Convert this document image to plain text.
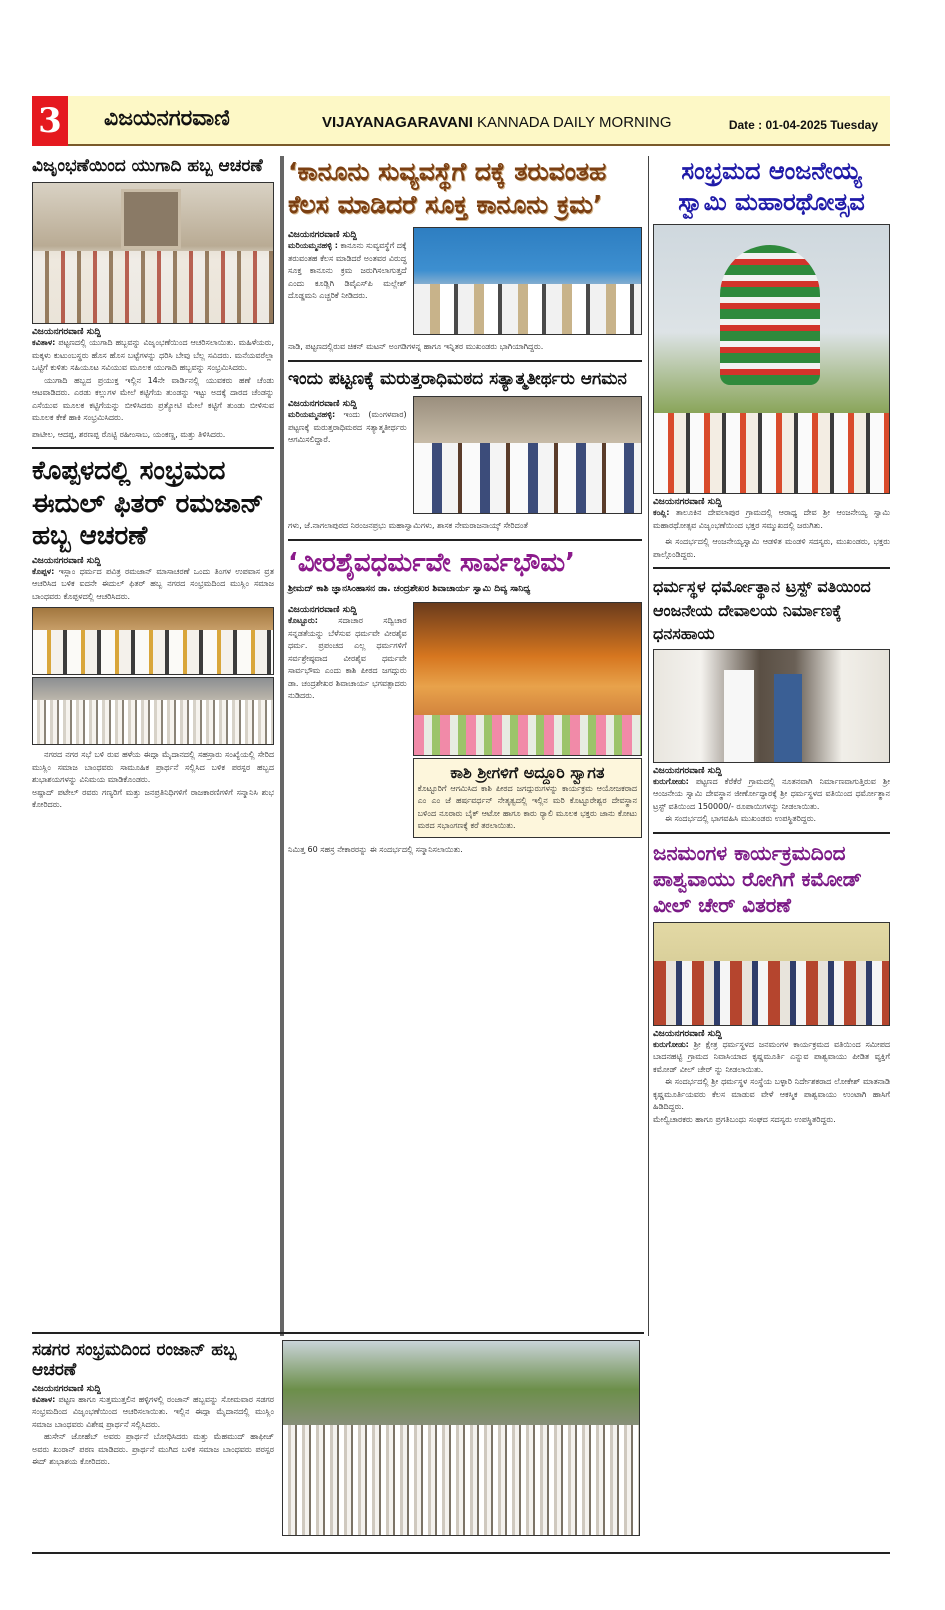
3 ವಿಜಯನಗರವಾಣಿ	VIJAYANAGARAVANI KANNADA DAILY MORNING	Date : 01-04-2025 Tuesday
ವಿಜೃಂಭಣೆಯಿಂದ ಯುಗಾದಿ ಹಬ್ಬ ಆಚರಣೆ
ವಿಜಯನಗರವಾಣಿ ಸುದ್ದಿ

ಕವಿತಾಳ: ಪಟ್ಟಣದಲ್ಲಿ ಯುಗಾದಿ ಹಬ್ಬವನ್ನು ವಿಜೃಂಭಣೆಯಿಂದ ಆಚರಿಸಲಾಯಿತು. ಮಹಿಳೆಯರು, ಮಕ್ಕಳು ಕುಟುಂಬಸ್ಥರು ಹೊಸ ಹೊಸ ಬಟ್ಟೆಗಳನ್ನು ಧರಿಸಿ ಬೇವು ಬೆಲ್ಲ ಸವಿದರು. ಮನೆಯವರೆಲ್ಲಾ ಒಟ್ಟಿಗೆ ಕುಳಿತು ಸಹಿಯೂಟ ಸವಿಯುವ ಮೂಲಕ ಯುಗಾದಿ ಹಬ್ಬವನ್ನು ಸಂಭ್ರಮಿಸಿದರು.

ಯುಗಾದಿ ಹಬ್ಬದ ಪ್ರಯುಕ್ತ ಇಲ್ಲಿನ 14ನೇ ವಾರ್ಡಿನಲ್ಲಿ ಯುವಕರು ಹಣೆ ಚೆಂಡು ಆಟವಾಡಿದರು. ಎರಡು ಕಲ್ಲುಗಳ ಮೇಲೆ ಕಟ್ಟಿಗೆಯ ತುಂಡನ್ನು ಇಟ್ಟು ಅದಕ್ಕೆ ದಾರದ ಚೆಂಡನ್ನು ಎಸೆಯುವ ಮೂಲಕ ಕಟ್ಟಿಗೆಯನ್ನು ಬೀಳಿಸಿದರು ಪ್ರತ್ಯೋಟಿ ಮೇಲೆ ಕಟ್ಟಿಗೆ ತುಂಡು ಬೀಳಿಸುವ ಮೂಲಕ ಕೇಕೆ ಹಾಕಿ ಸಂಭ್ರಮಿಸಿದರು.

ಪಾಟೀಲ, ಆದಪ್ಪ, ಶರಣಪ್ಪ ರೊಟ್ಟಿ ರಹೀಂಸಾಬ, ಯಂಕಣ್ಣ, ಮತ್ತು ತಿಳಿಸಿದರು.

ಕೊಪ್ಪಳದಲ್ಲಿ ಸಂಭ್ರಮದ ಈದುಲ್ ಫಿತರ್ ರಮಜಾನ್ ಹಬ್ಬ ಆಚರಣೆ
ವಿಜಯನಗರವಾಣಿ ಸುದ್ದಿ

ಕೊಪ್ಪಳ: ಇಸ್ಲಾಂ ಧರ್ಮದ ಪವಿತ್ರ ರಮಜಾನ್ ಮಾಸಾಚರಣೆ ಒಂದು ತಿಂಗಳ ಉಪವಾಸ ವ್ರತ ಆಚರಿಸಿದ ಬಳಿಕ ಐದನೇ ಈದುಲ್ ಫಿತರ್ ಹಬ್ಬ ನಗರದ ಸಂಭ್ರಮದಿಂದ ಮುಸ್ಲಿಂ ಸಮಾಜ ಬಾಂಧವರು ಕೊಪ್ಪಳದಲ್ಲಿ ಆಚರಿಸಿದರು.

ನಗರದ ನಗರ ಸಭೆ ಬಳಿ ರುವ ಹಳೆಯ ಈದ್ಗಾ ಮೈದಾನದಲ್ಲಿ ಸಹಸ್ರಾರು ಸಂಖ್ಯೆಯಲ್ಲಿ ಸೇರಿದ ಮುಸ್ಲಿಂ ಸಮಾಜ ಬಾಂಧವರು ಸಾಮೂಹಿಕ ಪ್ರಾರ್ಥನೆ ಸಲ್ಲಿಸಿದ ಬಳಿಕ ಪರಸ್ಪರ ಹಬ್ಬದ ಶುಭಾಶಯಗಳನ್ನು ವಿನಿಮಯ ಮಾಡಿಕೊಂಡರು.

ಅಷ್ಪಾದ್ ಪಟೇಲ್ ರವರು ಗಣ್ಯರಿಗೆ ಮತ್ತು ಜನಪ್ರತಿನಿಧಿಗಳಿಗೆ ರಾಜಕಾರಣಿಗಳಿಗೆ ಸನ್ಮಾನಿಸಿ ಶುಭ ಕೋರಿದರು.

‘ಕಾನೂನು ಸುವ್ಯವಸ್ಥೆಗೆ ದಕ್ಕೆ ತರುವಂತಹ ಕೆಲಸ ಮಾಡಿದರೆ ಸೂಕ್ತ ಕಾನೂನು ಕ್ರಮ’
ವಿಜಯನಗರವಾಣಿ ಸುದ್ದಿ

ಮರಿಯಮ್ಮನಹಳ್ಳಿ : ಕಾನೂನು ಸುವ್ಯವಸ್ಥೆಗೆ ದಕ್ಕೆ ತರುವಂತಹ ಕೆಲಸ ಮಾಡಿದರೆ ಅಂತವರ ವಿರುದ್ಧ ಸೂಕ್ತ ಕಾನೂನು ಕ್ರಮ ಜರುಗಿಸಲಾಗುತ್ತದೆ ಎಂದು ಕೂಡ್ಲಿಗಿ ಡಿವೈಎಸ್‌ಪಿ ಮಲ್ಲೇಶ್ ದೊಡ್ಡಮನಿ ಎಚ್ಚರಿಕೆ ನೀಡಿದರು.

ನಾಡಿ, ಪಟ್ಟಣದಲ್ಲಿರುವ ಚಿಕನ್ ಮಟನ್ ಅಂಗಡಿಗಳನ್ನ ಹಾಗೂ ಇನ್ನಿತರ ಮುಖಂಡರು ಭಾಗಿಯಾಗಿದ್ದರು.

ಇಂದು ಪಟ್ಟಣಕ್ಕೆ ಮರುತ್ತರಾಧಿಮಠದ ಸತ್ಯಾತ್ಮತೀರ್ಥರು ಆಗಮನ
ವಿಜಯನಗರವಾಣಿ ಸುದ್ದಿ

ಮರಿಯಮ್ಮನಹಳ್ಳಿ: ಇಂದು (ಮಂಗಳವಾರ) ಪಟ್ಟಣಕ್ಕೆ ಮರುತ್ತರಾಧಿಮಠದ ಸತ್ಯಾತ್ಮತೀರ್ಥರು ಆಗಮಿಸಲಿದ್ದಾರೆ.

ಗಳು, ಜೆ.ನಾಗಲಾಪುರದ ನಿರಂಜನಪ್ರಭು ಮಹಾಸ್ವಾಮಿಗಳು, ಶಾಸಕ ನೇಮರಾಜನಾಯ್ಕ್ ಸೇರಿದಂತೆ

‘ವೀರಶೈವಧರ್ಮವೇ ಸಾರ್ವಭೌಮ’
ಶ್ರೀಮದ್ ಕಾಶಿ ಜ್ಞಾನಸಿಂಹಾಸನ ಡಾ. ಚಂದ್ರಶೇಖರ ಶಿವಾಚಾರ್ಯ ಸ್ವಾಮಿ ದಿವ್ಯ ಸಾನಿಧ್ಯ
ವಿಜಯನಗರವಾಣಿ ಸುದ್ದಿ

ಕೊಟ್ಟೂರು:	ಸದಾಚಾರ ಸದ್ವಿಚಾರ ಸನ್ನಡತೆಯನ್ನು ಬೆಳೆಸುವ ಧರ್ಮವೇ ವೀರಶೈವ ಧರ್ಮ. ಪ್ರಪಂಚದ ಎಲ್ಲ ಧರ್ಮಗಳಿಗೆ ಸರ್ವಶ್ರೇಷ್ಠವಾದ ವೀರಶೈವ ಧರ್ಮವೇ ಸಾರ್ವಭೌಮ ಎಂದು ಕಾಶಿ ಪೀಠದ ಜಗದ್ಗುರು ಡಾ. ಚಂದ್ರಶೇಖರ ಶಿವಾಚಾರ್ಯ ಭಗವತ್ಪಾದರು ನುಡಿದರು.

ಕಾಶಿ ಶ್ರೀಗಳಿಗೆ ಅದ್ದೂರಿ ಸ್ವಾಗತ

ಕೊಟ್ಟೂರಿಗೆ ಆಗಮಿಸಿದ ಕಾಶಿ ಪೀಠದ ಜಗದ್ಗುರುಗಳನ್ನು ಕಾರ್ಯಕ್ರಮ ಆಯೋಜಕರಾದ ಎಂ ಎಂ ಜೆ ಹರ್ಷವರ್ಧನ್ ನೇತೃತ್ವದಲ್ಲಿ ಇಲ್ಲಿನ ಮರಿ ಕೊಟ್ಟೂರೇಶ್ವರ ದೇವಸ್ಥಾನ ಬಳಿಂದ ನೂರಾರು ಬೈಕ್ ಆಟೋ ಹಾಗೂ ಕಾರು ರ‍್ಯಾಲಿ ಮೂಲಕ ಭಕ್ತರು ಜಾನು ಕೋಟು ಮಠದ ಸಭಾಂಗಣಕ್ಕೆ ಕರೆ ತರಲಾಯಿತು.

ನಿಮಿತ್ತ 60 ಸಹಸ್ರ ನೇಕಾರರನ್ನು ಈ ಸಂದರ್ಭದಲ್ಲಿ ಸನ್ಮಾನಿಸಲಾಯಿತು.

ಸಂಭ್ರಮದ ಆಂಜನೇಯ್ಯ ಸ್ವಾಮಿ ಮಹಾರಥೋತ್ಸವ
ವಿಜಯನಗರವಾಣಿ ಸುದ್ದಿ

ಕಂಪ್ಲಿ: ತಾಲೂಕಿನ ದೇವಲಾಪುರ ಗ್ರಾಮದಲ್ಲಿ ಆರಾಧ್ಯ ದೇವ ಶ್ರೀ ಆಂಜನೇಯ್ಯ ಸ್ವಾಮಿ ಮಹಾರಥೋತ್ಸವ ವಿಜೃಂಭಣೆಯಿಂದ ಭಕ್ತರ ಸಮ್ಮುಖದಲ್ಲಿ ಜರುಗಿತು.

ಈ ಸಂದರ್ಭದಲ್ಲಿ ಆಂಜನೇಯ್ಯಸ್ವಾಮಿ ಆಡಳಿತ ಮಂಡಳಿ ಸದಸ್ಯರು, ಮುಖಂಡರು, ಭಕ್ತರು ಪಾಲ್ಗೊಂಡಿದ್ದರು.

ಧರ್ಮಸ್ಥಳ ಧರ್ಮೋತ್ಥಾನ ಟ್ರಸ್ಟ್ ವತಿಯಿಂದ ಆಂಜನೇಯ ದೇವಾಲಯ ನಿರ್ಮಾಣಕ್ಕೆ ಧನಸಹಾಯ
ವಿಜಯನಗರವಾಣಿ ಸುದ್ದಿ

ಕುರುಗೋಡು: ಪಟ್ಟಣದ ಕೆರೆಕೆರೆ ಗ್ರಾಮದಲ್ಲಿ ನೂತನವಾಗಿ ನಿರ್ಮಾಣವಾಗುತ್ತಿರುವ ಶ್ರೀ ಆಂಜನೇಯ ಸ್ವಾಮಿ ದೇವಸ್ಥಾನ ಜೀರ್ಣೋದ್ಧಾರಕ್ಕೆ ಶ್ರೀ ಧರ್ಮಸ್ಥಳದ ವತಿಯಿಂದ ಧರ್ಮೋತ್ಥಾನ ಟ್ರಸ್ಟ್ ವತಿಯಿಂದ 150000/- ರೂಪಾಯಿಗಳನ್ನು ನೀಡಲಾಯಿತು.

ಈ ಸಂದರ್ಭದಲ್ಲಿ ಭಾಗವಹಿಸಿ ಮುಖಂಡರು ಉಪಸ್ಥಿತರಿದ್ದರು.

ಜನಮಂಗಳ ಕಾರ್ಯಕ್ರಮದಿಂದ ಪಾಶ್ವವಾಯು ರೋಗಿಗೆ ಕಮೋಡ್ ವೀಲ್ ಚೇರ್ ವಿತರಣೆ
ವಿಜಯನಗರವಾಣಿ ಸುದ್ದಿ

ಕುರುಗೋಡು: ಶ್ರೀ ಕ್ಷೇತ್ರ ಧರ್ಮಸ್ಥಳದ ಜನಮಂಗಳ ಕಾರ್ಯಕ್ರಮದ ವತಿಯಿಂದ ಸಮೀಪದ ಬಾದನಹಟ್ಟಿ ಗ್ರಾಮದ ನಿವಾಸಿಯಾದ ಕೃಷ್ಣಮೂರ್ತಿ ಎನ್ನುವ ಪಾಶ್ವವಾಯು ಪೀಡಿತ ವ್ಯಕ್ತಿಗೆ ಕಮೋಡ್ ವೀಲ್ ಚೇರ್ ನ್ನು ನೀಡಲಾಯಿತು.

ಈ ಸಂದರ್ಭದಲ್ಲಿ ಶ್ರೀ ಧರ್ಮಸ್ಥಳ ಸಂಸ್ಥೆಯ ಬಳ್ಳಾರಿ ನಿರ್ದೇಶಕರಾದ ಲೋಕೇಶ್ ಮಾತನಾಡಿ ಕೃಷ್ಣಮೂರ್ತಿಯವರು ಕೆಲಸ ಮಾಡುವ ವೇಳೆ ಆಕಸ್ಮಿಕ ಪಾಶ್ವವಾಯು ಉಂಟಾಗಿ ಹಾಸಿಗೆ ಹಿಡಿದಿದ್ದರು.

ಮೇಲ್ವಿಚಾರಕರು ಹಾಗೂ ಪ್ರಗತಿಬಂಧು ಸಂಘದ ಸದಸ್ಯರು ಉಪಸ್ಥಿತರಿದ್ದರು.

ಸಡಗರ ಸಂಭ್ರಮದಿಂದ ರಂಜಾನ್ ಹಬ್ಬ ಆಚರಣೆ
ವಿಜಯನಗರವಾಣಿ ಸುದ್ದಿ

ಕವಿತಾಳ: ಪಟ್ಟಣ ಹಾಗೂ ಸುತ್ತಮುತ್ತಲಿನ ಹಳ್ಳಿಗಳಲ್ಲಿ ರಂಜಾನ್ ಹಬ್ಬವನ್ನು ಸೋಮವಾರ ಸಡಗರ ಸಂಭ್ರಮದಿಂದ ವಿಜೃಂಭಣೆಯಿಂದ ಆಚರಿಸಲಾಯಿತು. ಇಲ್ಲಿನ ಈದ್ಗಾ ಮೈದಾನದಲ್ಲಿ ಮುಸ್ಲಿಂ ಸಮಾಜ ಬಾಂಧವರು ವಿಶೇಷ ಪ್ರಾರ್ಥನೆ ಸಲ್ಲಿಸಿದರು.

ಹುಸೇನ್ ಜೋಹೆಬ್ ಅವರು ಪ್ರಾರ್ಥನೆ ಬೋಧಿಸಿದರು ಮತ್ತು ಮೆಹಮುದ್ ಹಾಫೀಜ್ ಅವರು ಖುರಾನ್ ಪಠಣ ಮಾಡಿದರು. ಪ್ರಾರ್ಥನೆ ಮುಗಿದ ಬಳಿಕ ಸಮಾಜ ಬಾಂಧವರು ಪರಸ್ಪರ ಈದ್ ಶುಭಾಶಯ ಕೋರಿದರು.
